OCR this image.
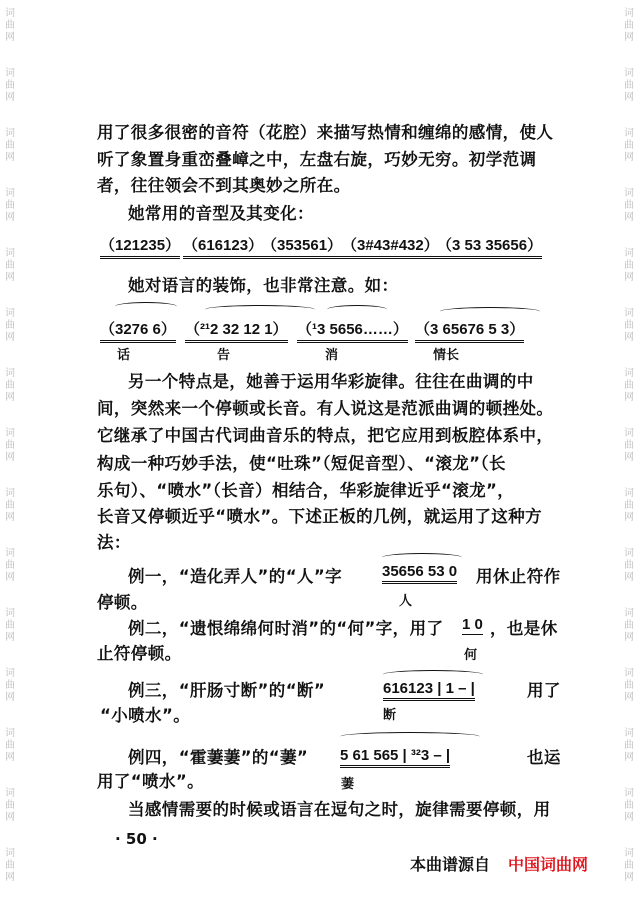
词
曲
网
词
曲
网
词
曲
网
词
曲
网
词
曲
网
词
曲
网
词
曲
网
词
曲
网
词
曲
网
词
曲
网
词
曲
网
词
曲
网
词
曲
网
词
曲
网
词
曲
网
词
曲
网
词
曲
网
词
曲
网
词
曲
网
词
曲
网
词
曲
网
词
曲
网
词
曲
网
词
曲
网
词
曲
网
词
曲
网
词
曲
网
词
曲
网
词
曲
网
词
曲
网
用了很多很密的音符（花腔）来描写热情和缠绵的感情，使人
听了象置身重峦叠嶂之中，左盘右旋，巧妙无穷。初学范调
者，往往领会不到其奥妙之所在。
她常用的音型及其变化：
（121235） （616123）
（353561） （3#43#432）
（3 53 35656）
她对语言的装饰，也非常注意。如：
（3276 6） （²¹2 32 12 1） （¹3 5656……） （3 65676 5 3）
话	告	消	情长
另一个特点是，她善于运用华彩旋律。往往在曲调的中
间，突然来一个停顿或长音。有人说这是范派曲调的顿挫处。
它继承了中国古代词曲音乐的特点，把它应用到板腔体系中，
构成一种巧妙手法，使“吐珠”（短促音型）、“滚龙”（长
乐句）、“喷水”（长音）相结合，华彩旋律近乎“滚龙”，
长音又停顿近乎“喷水”。下述正板的几例，就运用了这种方
法：
例一，“造化弄人”的“人”字	35656 53 0 用休止符作
停顿。	人
例二，“遗恨绵绵何时消”的“何”字，用了 1 0 ，也是休
止符停顿。	何
例三，“肝肠寸断”的“断”	616123 | 1 – |	用了
“小喷水”。	断
例四，“霍萋萋”的“萋” 5 61 565 | ³²3 – |	也运
用了“喷水”。	萋
当感情需要的时候或语言在逗句之时，旋律需要停顿，用
· 50 ·
本曲谱源自 中国词曲网
